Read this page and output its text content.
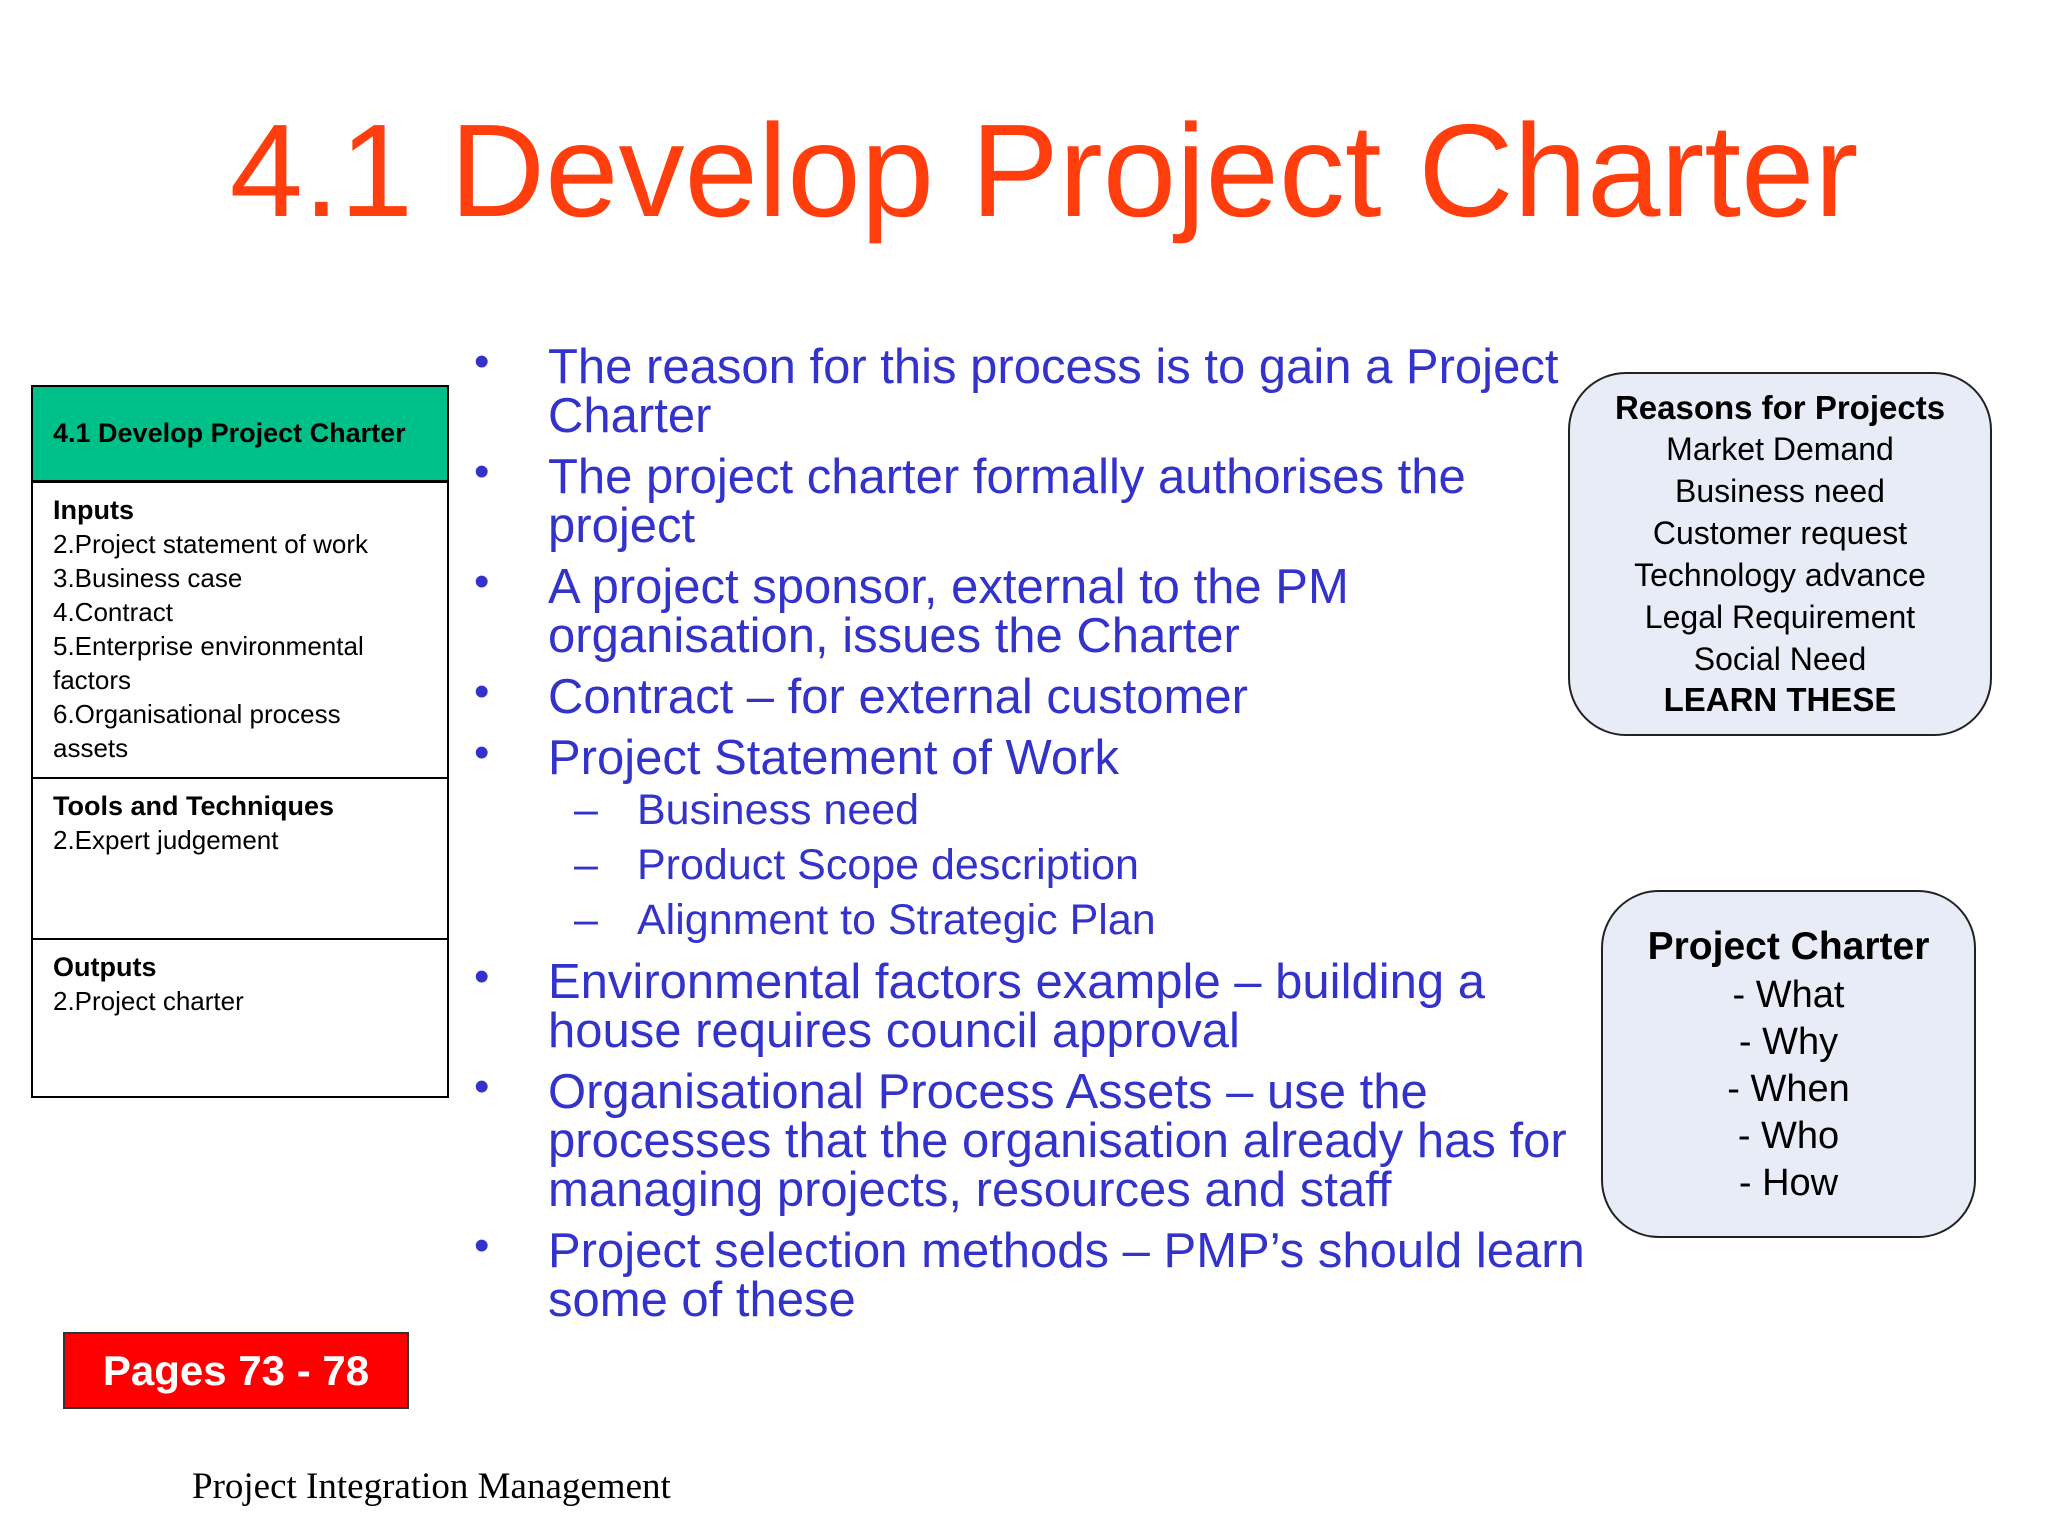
4.1 Develop Project Charter
4.1 Develop Project Charter
Inputs
2.Project statement of work
3.Business case
4.Contract
5.Enterprise environmental
factors
6.Organisational process
assets
Tools and Techniques
2.Expert judgement
Outputs
2.Project charter
• The reason for this process is to gain a Project Charter
• The project charter formally authorises the project
• A project sponsor, external to the PM organisation, issues the Charter
• Contract – for external customer
• Project Statement of Work
– Business need
– Product Scope description
– Alignment to Strategic Plan
• Environmental factors example – building a house requires council approval
• Organisational Process Assets – use the processes that the organisation already has for managing projects, resources and staff
• Project selection methods – PMP’s should learn some of these
Reasons for Projects
Market Demand
Business need
Customer request
Technology advance
Legal Requirement
Social Need
LEARN THESE
Project Charter
- What
- Why
- When
- Who
- How
Pages 73 - 78
Project Integration Management
